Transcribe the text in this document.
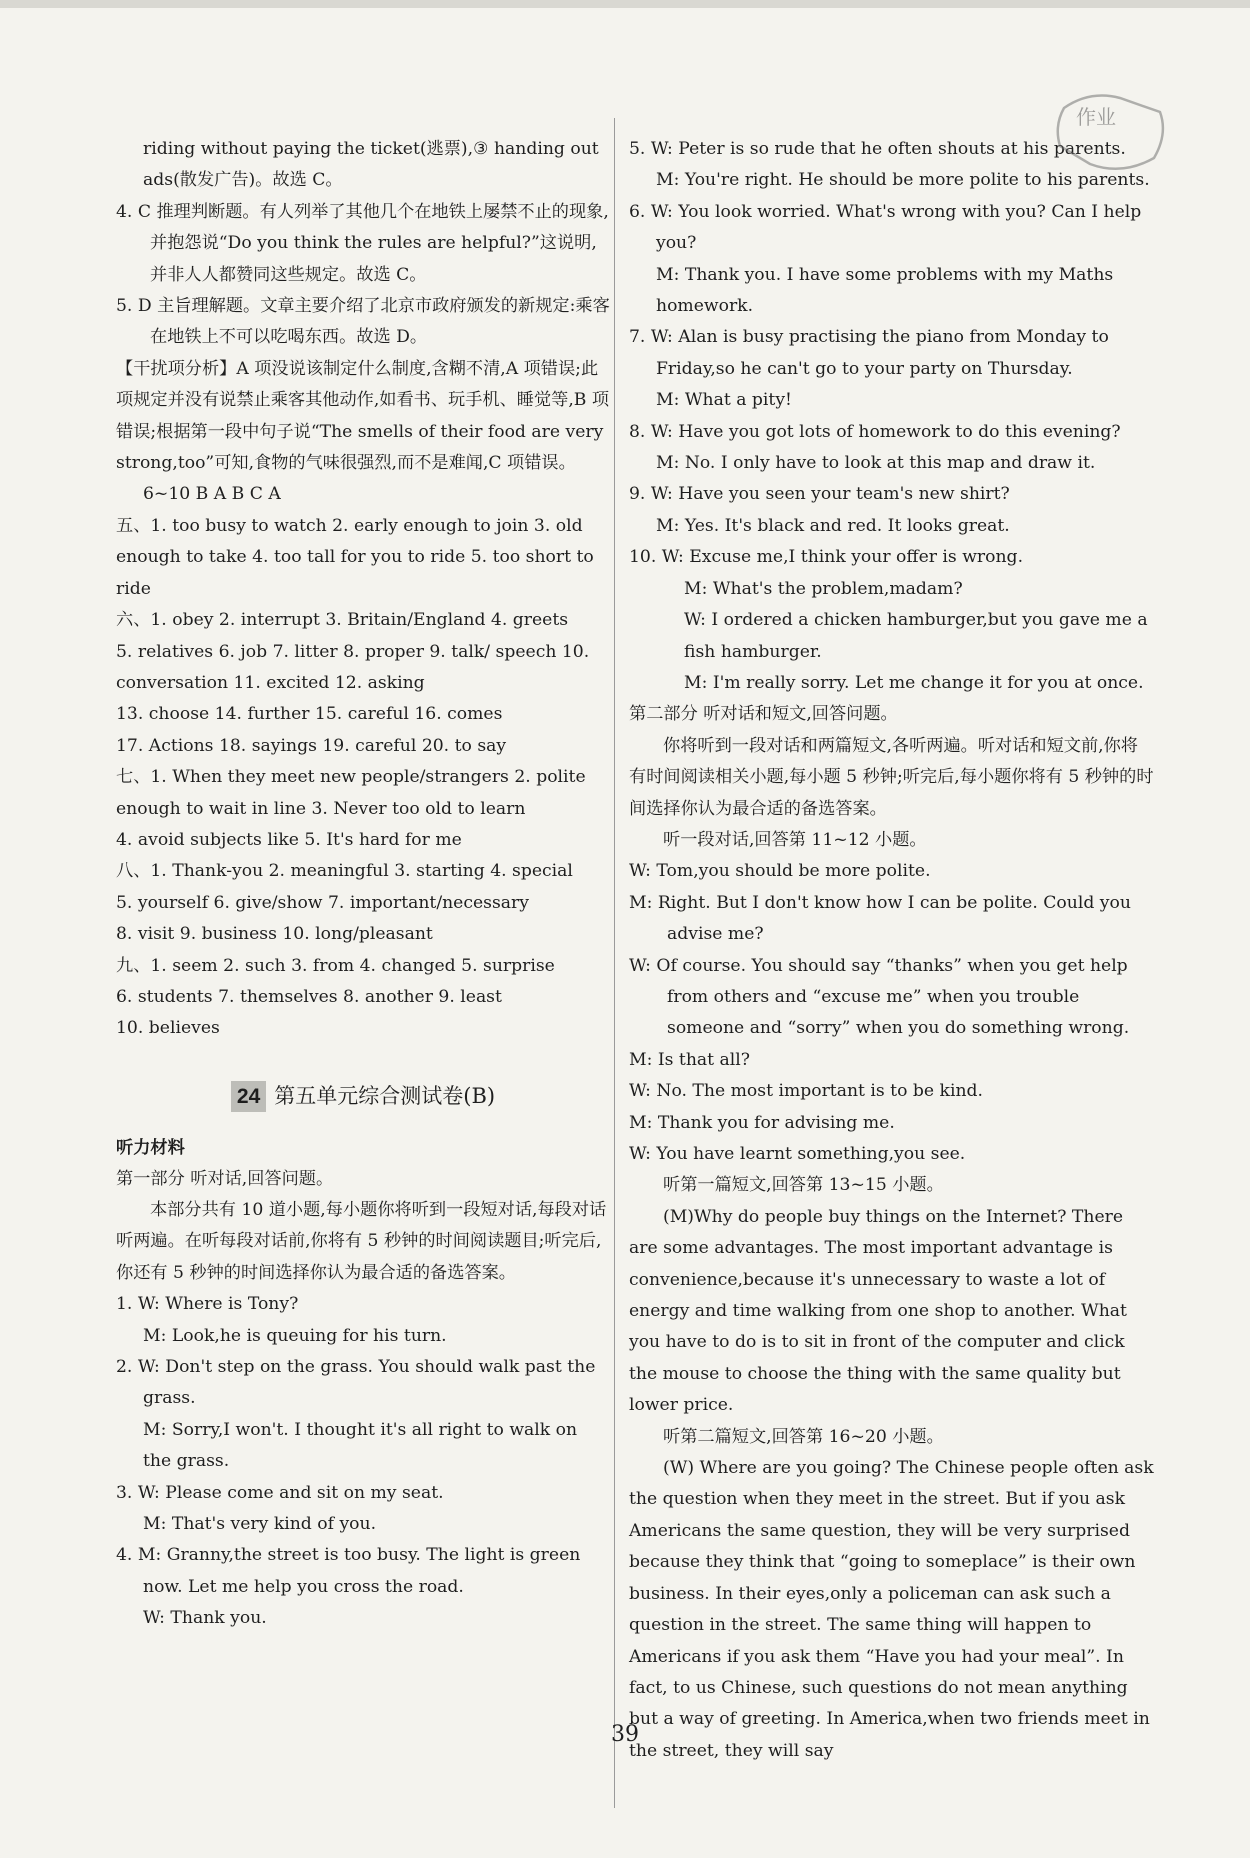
riding without paying the ticket(逃票),③ handing out

ads(散发广告)。故选 C。

4. C 推理判断题。有人列举了其他几个在地铁上屡禁不止的现象,并抱怨说“Do you think the rules are helpful?”这说明,并非人人都赞同这些规定。故选 C。

5. D 主旨理解题。文章主要介绍了北京市政府颁发的新规定:乘客在地铁上不可以吃喝东西。故选 D。

【干扰项分析】A 项没说该制定什么制度,含糊不清,A 项错误;此项规定并没有说禁止乘客其他动作,如看书、玩手机、睡觉等,B 项错误;根据第一段中句子说“The smells of their food are very strong,too”可知,食物的气味很强烈,而不是难闻,C 项错误。

6~10 B A B C A

五、1. too busy to watch 2. early enough to join 3. old enough to take 4. too tall for you to ride 5. too short to ride

六、1. obey 2. interrupt 3. Britain/England 4. greets

5. relatives 6. job 7. litter 8. proper 9. talk/ speech 10. conversation 11. excited 12. asking

13. choose 14. further 15. careful 16. comes

17. Actions 18. sayings 19. careful 20. to say

七、1. When they meet new people/strangers 2. polite enough to wait in line 3. Never too old to learn

4. avoid subjects like 5. It's hard for me

八、1. Thank-you 2. meaningful 3. starting 4. special

5. yourself 6. give/show 7. important/necessary

8. visit 9. business 10. long/pleasant

九、1. seem 2. such 3. from 4. changed 5. surprise

6. students 7. themselves 8. another 9. least

10. believes

24 第五单元综合测试卷(B)

听力材料

第一部分 听对话,回答问题。

本部分共有 10 道小题,每小题你将听到一段短对话,每段对话听两遍。在听每段对话前,你将有 5 秒钟的时间阅读题目;听完后,你还有 5 秒钟的时间选择你认为最合适的备选答案。

1. W: Where is Tony?

M: Look,he is queuing for his turn.

2. W: Don't step on the grass. You should walk past the grass.

M: Sorry,I won't. I thought it's all right to walk on the grass.

3. W: Please come and sit on my seat.

M: That's very kind of you.

4. M: Granny,the street is too busy. The light is green now. Let me help you cross the road.

W: Thank you.

5. W: Peter is so rude that he often shouts at his parents.

M: You're right. He should be more polite to his parents.

6. W: You look worried. What's wrong with you? Can I help you?

M: Thank you. I have some problems with my Maths homework.

7. W: Alan is busy practising the piano from Monday to Friday,so he can't go to your party on Thursday.

M: What a pity!

8. W: Have you got lots of homework to do this evening?

M: No. I only have to look at this map and draw it.

9. W: Have you seen your team's new shirt?

M: Yes. It's black and red. It looks great.

10. W: Excuse me,I think your offer is wrong.

M: What's the problem,madam?

W: I ordered a chicken hamburger,but you gave me a fish hamburger.

M: I'm really sorry. Let me change it for you at once.

第二部分 听对话和短文,回答问题。

你将听到一段对话和两篇短文,各听两遍。听对话和短文前,你将有时间阅读相关小题,每小题 5 秒钟;听完后,每小题你将有 5 秒钟的时间选择你认为最合适的备选答案。

听一段对话,回答第 11~12 小题。

W: Tom,you should be more polite.

M: Right. But I don't know how I can be polite. Could you advise me?

W: Of course. You should say “thanks” when you get help from others and “excuse me” when you trouble someone and “sorry” when you do something wrong.

M: Is that all?

W: No. The most important is to be kind.

M: Thank you for advising me.

W: You have learnt something,you see.

听第一篇短文,回答第 13~15 小题。

(M)Why do people buy things on the Internet? There are some advantages. The most important advantage is convenience,because it's unnecessary to waste a lot of energy and time walking from one shop to another. What you have to do is to sit in front of the computer and click the mouse to choose the thing with the same quality but lower price.

听第二篇短文,回答第 16~20 小题。

(W) Where are you going? The Chinese people often ask the question when they meet in the street. But if you ask Americans the same question, they will be very surprised because they think that “going to someplace” is their own business. In their eyes,only a policeman can ask such a question in the street. The same thing will happen to Americans if you ask them “Have you had your meal”. In fact, to us Chinese, such questions do not mean anything but a way of greeting. In America,when two friends meet in the street, they will say

作业
39
